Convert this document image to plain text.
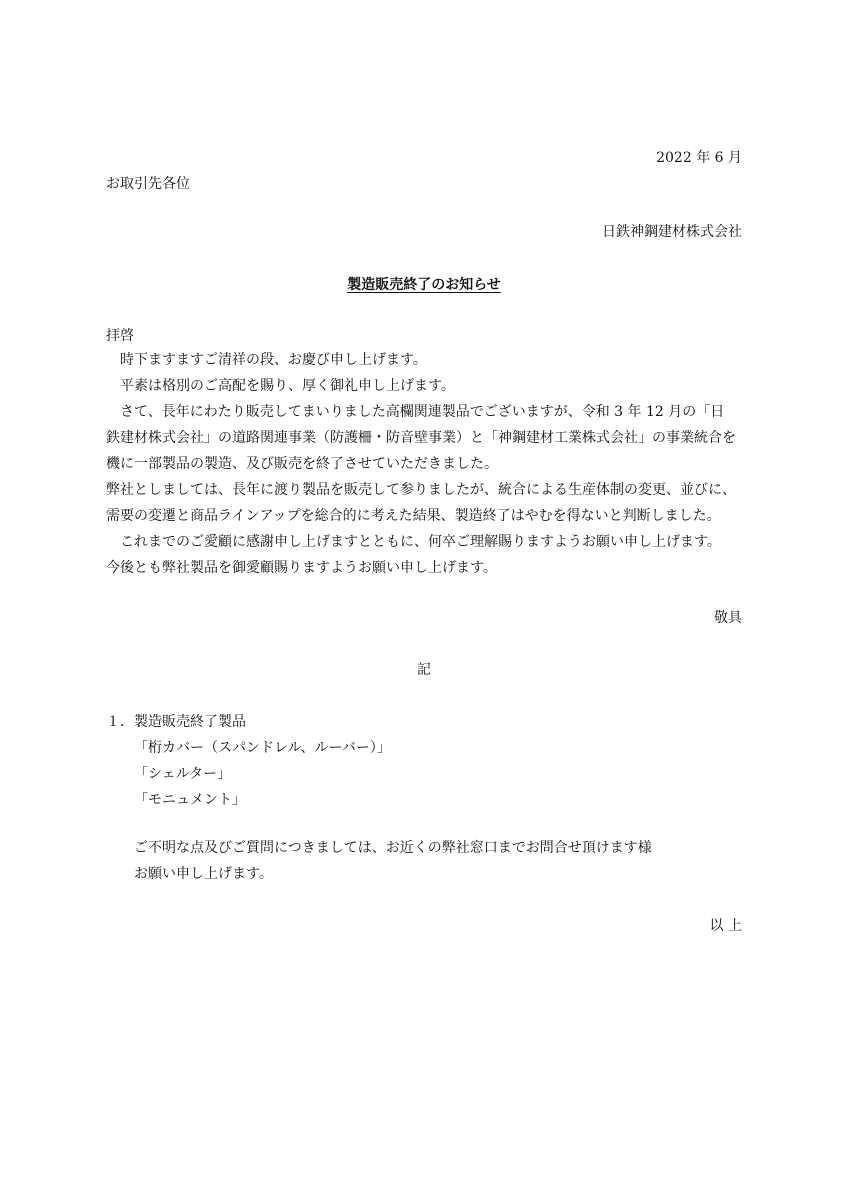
2022 年 6 月
お取引先各位
日鉄神鋼建材株式会社
製造販売終了のお知らせ
拝啓
時下ますますご清祥の段、お慶び申し上げます。
平素は格別のご高配を賜り、厚く御礼申し上げます。
さて、長年にわたり販売してまいりました高欄関連製品でございますが、令和 3 年 12 月の「日
鉄建材株式会社」の道路関連事業（防護柵・防音壁事業）と「神鋼建材工業株式会社」の事業統合を
機に一部製品の製造、及び販売を終了させていただきました。
弊社としましては、長年に渡り製品を販売して参りましたが、統合による生産体制の変更、並びに、
需要の変遷と商品ラインアップを総合的に考えた結果、製造終了はやむを得ないと判断しました。
これまでのご愛顧に感謝申し上げますとともに、何卒ご理解賜りますようお願い申し上げます。
今後とも弊社製品を御愛顧賜りますようお願い申し上げます。
敬具
記
１．製造販売終了製品
「桁カバー（スパンドレル、ルーバー）」
「シェルター」
「モニュメント」
ご不明な点及びご質問につきましては、お近くの弊社窓口までお問合せ頂けます様
お願い申し上げます。
以 上
